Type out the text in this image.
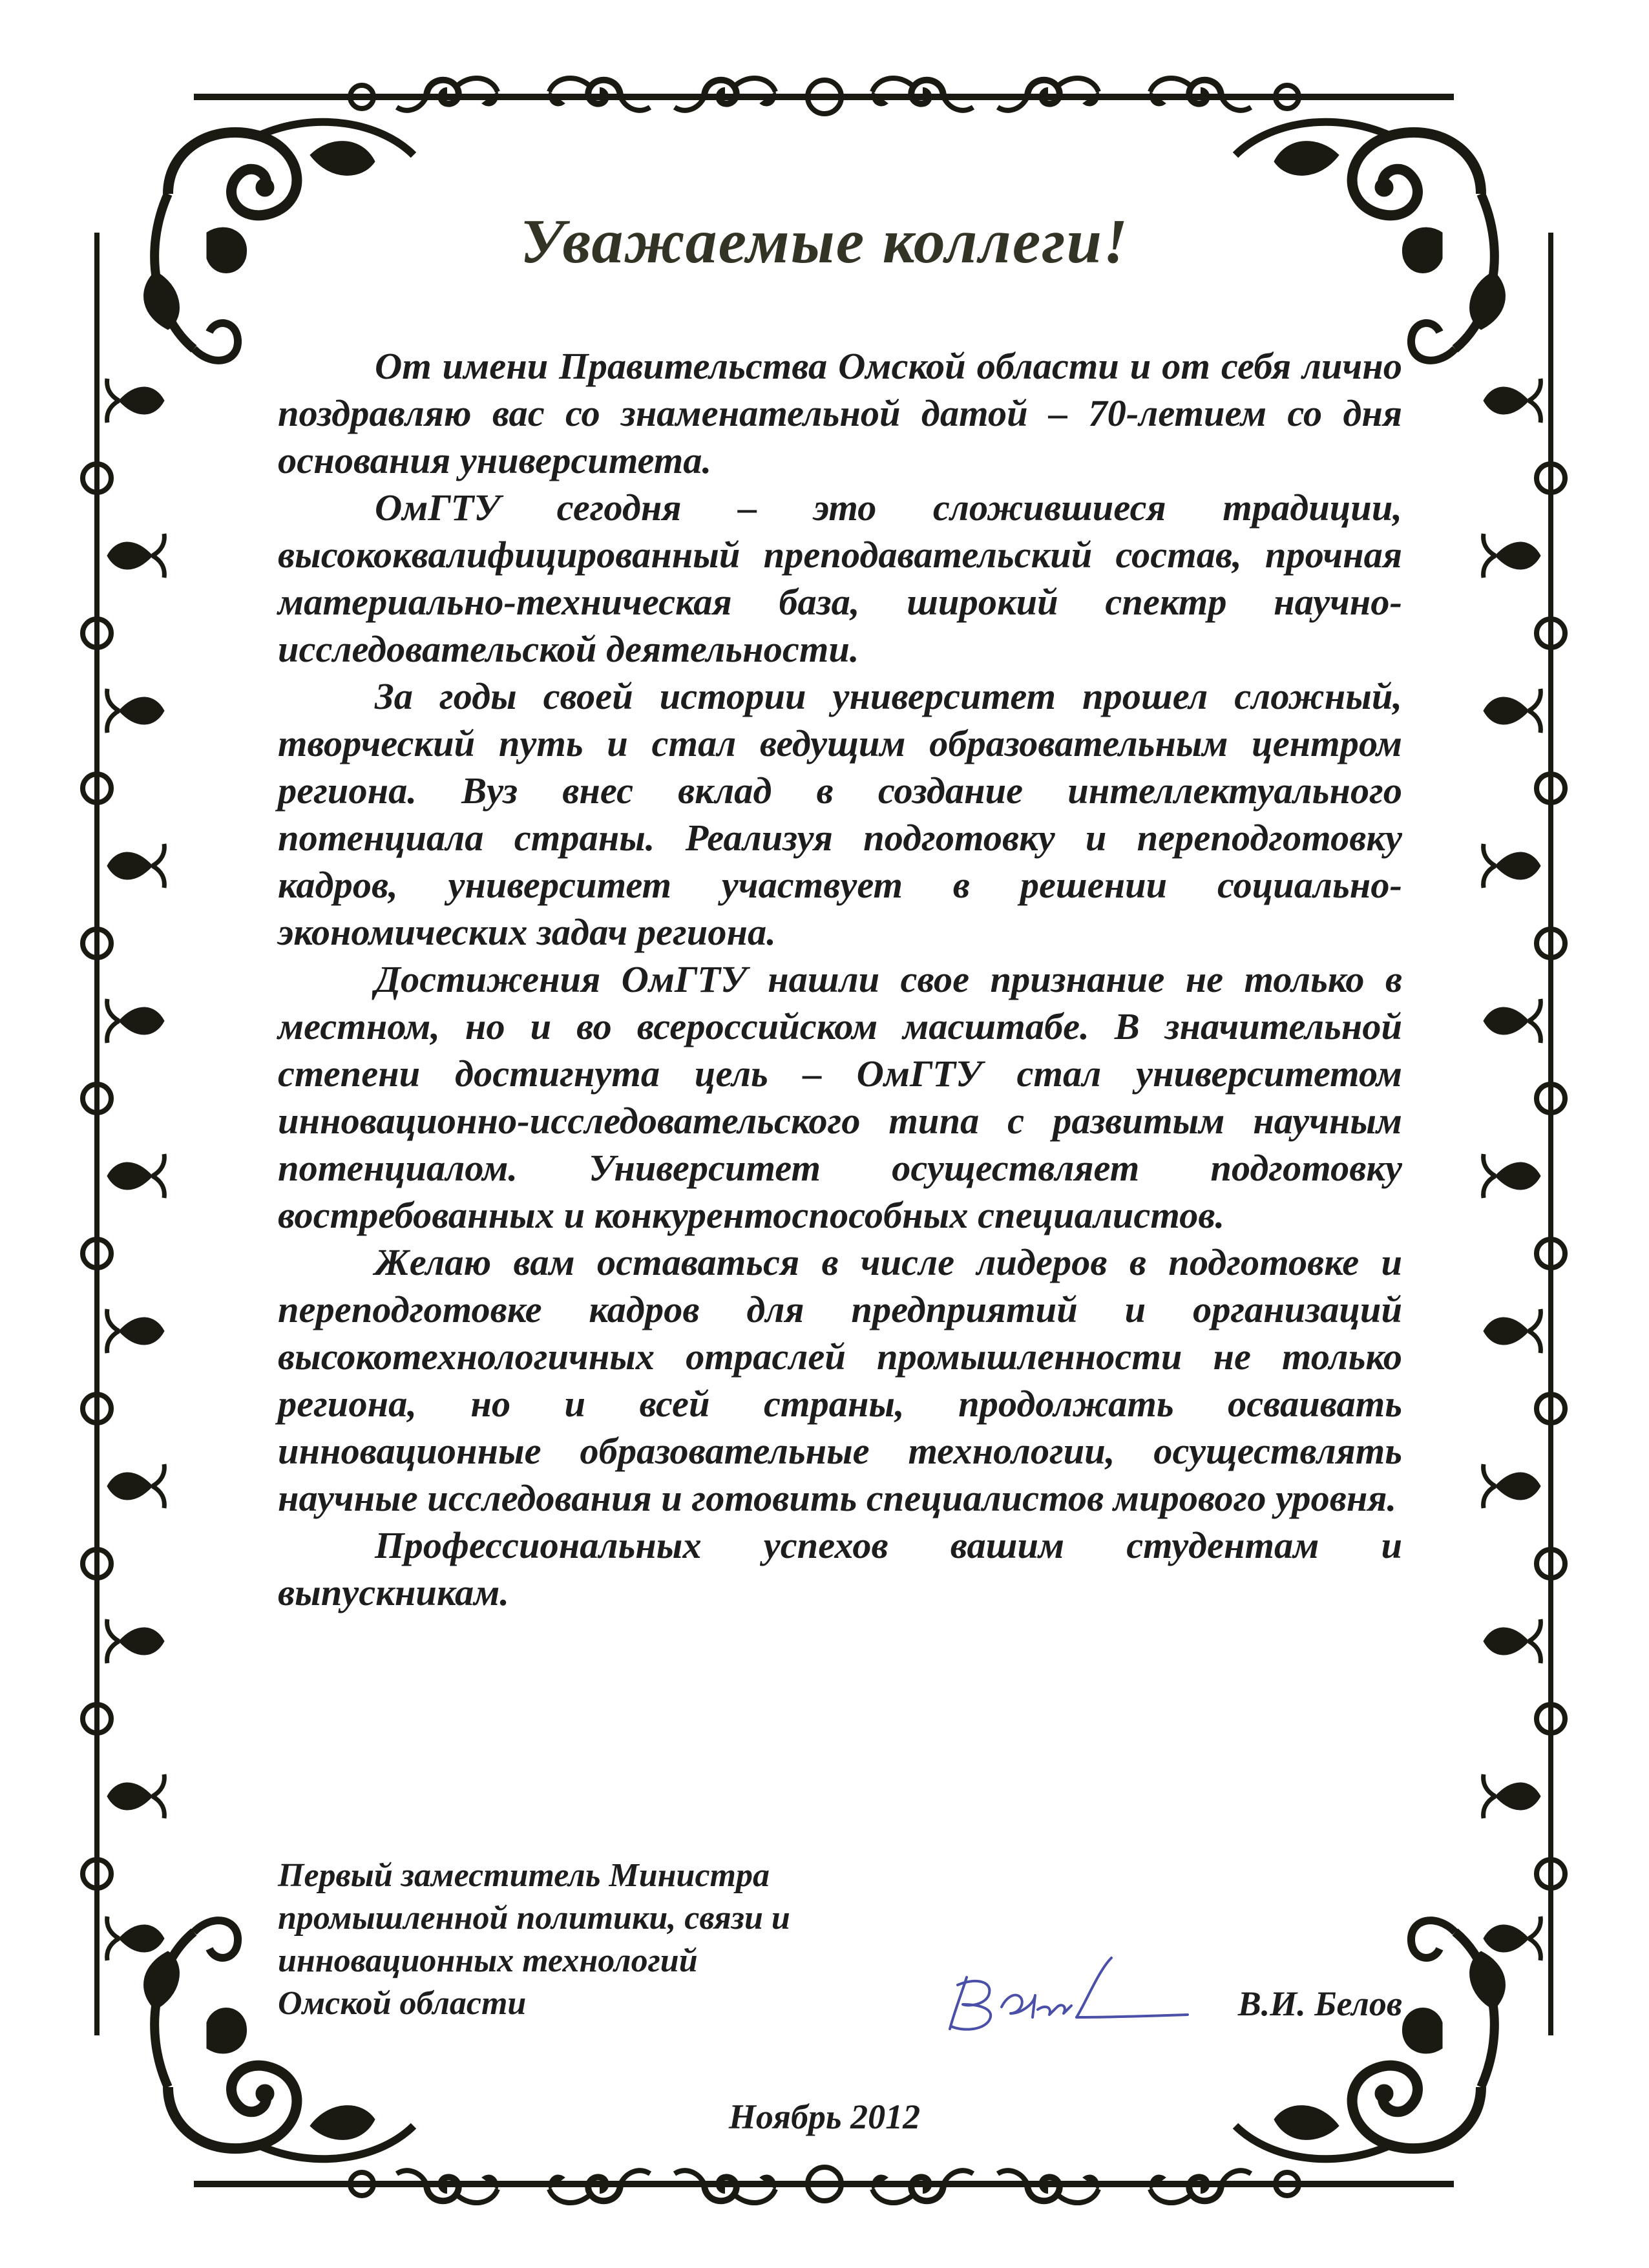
Уважаемые коллеги!

От имени Правительства Омской области и от себя лично поздравляю вас со знаменательной датой – 70-летием со дня основания университета.

ОмГТУ сегодня – это сложившиеся традиции, высококвалифицированный преподавательский состав, прочная материально-техническая база, широкий спектр научно-исследовательской деятельности.

За годы своей истории университет прошел сложный, творческий путь и стал ведущим образовательным центром региона. Вуз внес вклад в создание интеллектуального потенциала страны. Реализуя подготовку и переподготовку кадров, университет участвует в решении социально-экономических задач региона.

Достижения ОмГТУ нашли свое признание не только в местном, но и во всероссийском масштабе. В значительной степени достигнута цель – ОмГТУ стал университетом инновационно-исследовательского типа с развитым научным потенциалом. Университет осуществляет подготовку востребованных и конкурентоспособных специалистов.

Желаю вам оставаться в числе лидеров в подготовке и переподготовке кадров для предприятий и организаций высокотехнологичных отраслей промышленности не только региона, но и всей страны, продолжать осваивать инновационные образовательные технологии, осуществлять научные исследования и готовить специалистов мирового уровня.

Профессиональных успехов вашим студентам и выпускникам.

Первый заместитель Министра
промышленной политики, связи и
инновационных технологий
Омской области	В.И. Белов
Ноябрь 2012
